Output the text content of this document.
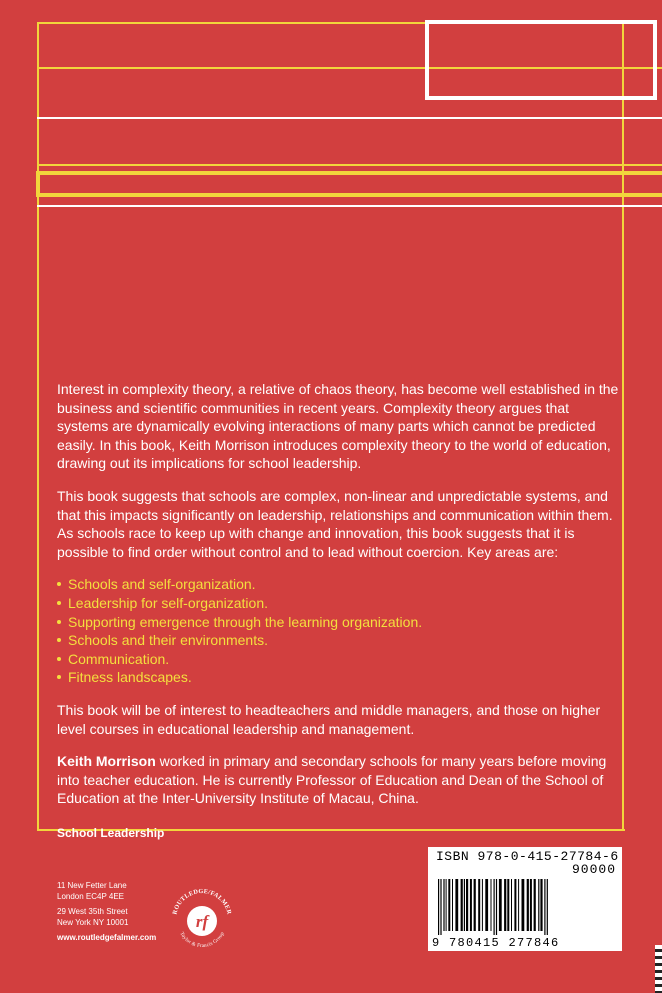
Interest in complexity theory, a relative of chaos theory, has become well established in the business and scientific communities in recent years. Complexity theory argues that systems are dynamically evolving interactions of many parts which cannot be predicted easily. In this book, Keith Morrison introduces complexity theory to the world of education, drawing out its implications for school leadership.

This book suggests that schools are complex, non-linear and unpredictable systems, and that this impacts significantly on leadership, relationships and communication within them. As schools race to keep up with change and innovation, this book suggests that it is possible to find order without control and to lead without coercion. Key areas are:

Schools and self-organization.
Leadership for self-organization.
Supporting emergence through the learning organization.
Schools and their environments.
Communication.
Fitness landscapes.

This book will be of interest to headteachers and middle managers, and those on higher level courses in educational leadership and management.

Keith Morrison worked in primary and secondary schools for many years before moving into teacher education. He is currently Professor of Education and Dean of the School of Education at the Inter-University Institute of Macau, China.

School Leadership
11 New Fetter Lane
London EC4P 4EE
29 West 35th Street
New York NY 10001
www.routledgefalmer.com
ROUTLEDGE/FALMER
Taylor & Francis Group
rf
ISBN 978-0-415-27784-6
90000
9 780415 277846
